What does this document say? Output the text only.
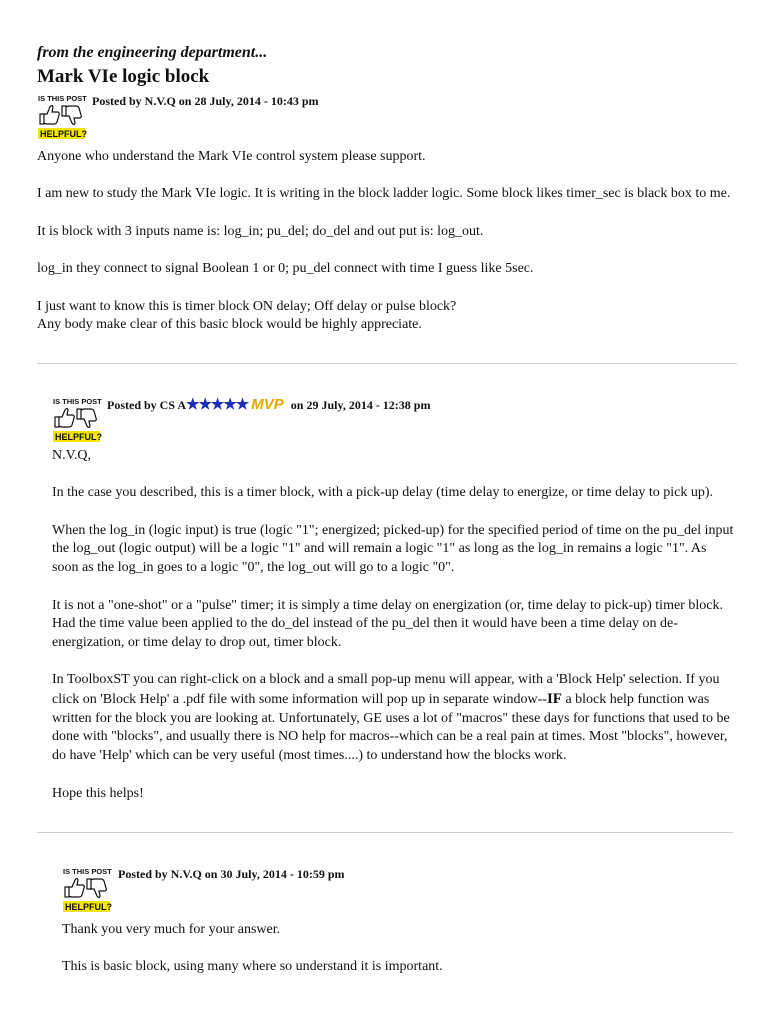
from the engineering department...

Mark VIe logic block
Posted by N.V.Q on 28 July, 2014 - 10:43 pm

Anyone who understand the Mark VIe control system please support.

I am new to study the Mark VIe logic. It is writing in the block ladder logic. Some block likes timer_sec is black box to me.

It is block with 3 inputs name is: log_in; pu_del; do_del and out put is: log_out.

log_in they connect to signal Boolean 1 or 0; pu_del connect with time I guess like 5sec.

I just want to know this is timer block ON delay; Off delay or pulse block?
Any body make clear of this basic block would be highly appreciate.

Posted by CS A★★★★★ MVP on 29 July, 2014 - 12:38 pm

N.V.Q,

In the case you described, this is a timer block, with a pick-up delay (time delay to energize, or time delay to pick up).

When the log_in (logic input) is true (logic "1"; energized; picked-up) for the specified period of time on the pu_del input the log_out (logic output) will be a logic "1" and will remain a logic "1" as long as the log_in remains a logic "1". As soon as the log_in goes to a logic "0", the log_out will go to a logic "0".

It is not a "one-shot" or a "pulse" timer; it is simply a time delay on energization (or, time delay to pick-up) timer block. Had the time value been applied to the do_del instead of the pu_del then it would have been a time delay on de-energization, or time delay to drop out, timer block.

In ToolboxST you can right-click on a block and a small pop-up menu will appear, with a 'Block Help' selection. If you click on 'Block Help' a .pdf file with some information will pop up in separate window--IF a block help function was written for the block you are looking at. Unfortunately, GE uses a lot of "macros" these days for functions that used to be done with "blocks", and usually there is NO help for macros--which can be a real pain at times. Most "blocks", however, do have 'Help' which can be very useful (most times....) to understand how the blocks work.

Hope this helps!

Posted by N.V.Q on 30 July, 2014 - 10:59 pm

Thank you very much for your answer.

This is basic block, using many where so understand it is important.
